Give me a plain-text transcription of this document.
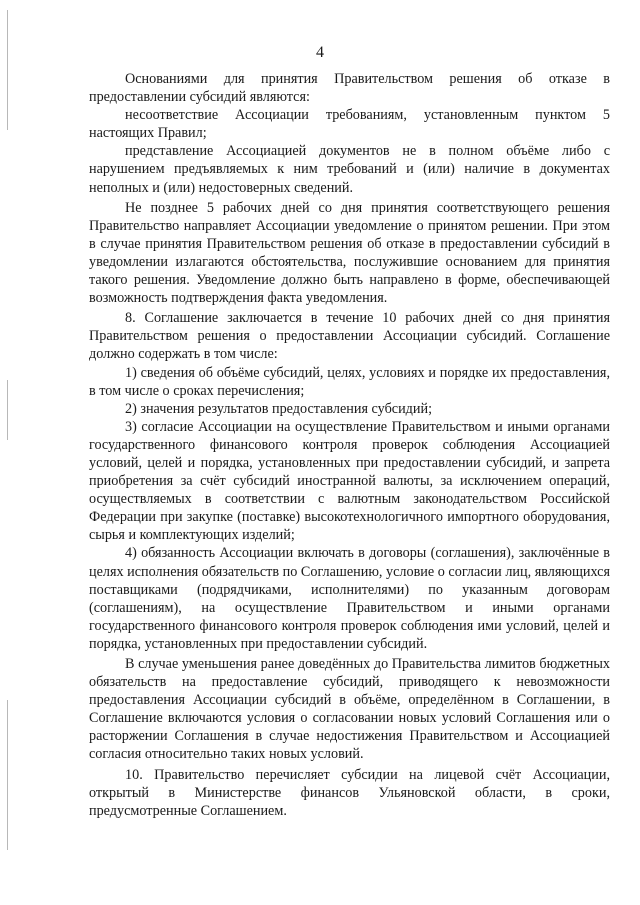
4

Основаниями для принятия Правительством решения об отказе в предоставлении субсидий являются:

несоответствие Ассоциации требованиям, установленным пунктом 5 настоящих Правил;

представление Ассоциацией документов не в полном объёме либо с нарушением предъявляемых к ним требований и (или) наличие в документах неполных и (или) недостоверных сведений.

Не позднее 5 рабочих дней со дня принятия соответствующего решения Правительство направляет Ассоциации уведомление о принятом решении. При этом в случае принятия Правительством решения об отказе в предоставлении субсидий в уведомлении излагаются обстоятельства, послужившие основанием для принятия такого решения. Уведомление должно быть направлено в форме, обеспечивающей возможность подтверждения факта уведомления.

8. Соглашение заключается в течение 10 рабочих дней со дня принятия Правительством решения о предоставлении Ассоциации субсидий. Соглашение должно содержать в том числе:

1) сведения об объёме субсидий, целях, условиях и порядке их предоставления, в том числе о сроках перечисления;

2) значения результатов предоставления субсидий;

3) согласие Ассоциации на осуществление Правительством и иными органами государственного финансового контроля проверок соблюдения Ассоциацией условий, целей и порядка, установленных при предоставлении субсидий, и запрета приобретения за счёт субсидий иностранной валюты, за исключением операций, осуществляемых в соответствии с валютным законодательством Российской Федерации при закупке (поставке) высокотехнологичного импортного оборудования, сырья и комплектующих изделий;

4) обязанность Ассоциации включать в договоры (соглашения), заключённые в целях исполнения обязательств по Соглашению, условие о согласии лиц, являющихся поставщиками (подрядчиками, исполнителями) по указанным договорам (соглашениям), на осуществление Правительством и иными органами государственного финансового контроля проверок соблюдения ими условий, целей и порядка, установленных при предоставлении субсидий.

В случае уменьшения ранее доведённых до Правительства лимитов бюджетных обязательств на предоставление субсидий, приводящего к невозможности предоставления Ассоциации субсидий в объёме, определённом в Соглашении, в Соглашение включаются условия о согласовании новых условий Соглашения или о расторжении Соглашения в случае недостижения Правительством и Ассоциацией согласия относительно таких новых условий.

10. Правительство перечисляет субсидии на лицевой счёт Ассоциации, открытый в Министерстве финансов Ульяновской области, в сроки, предусмотренные Соглашением.
